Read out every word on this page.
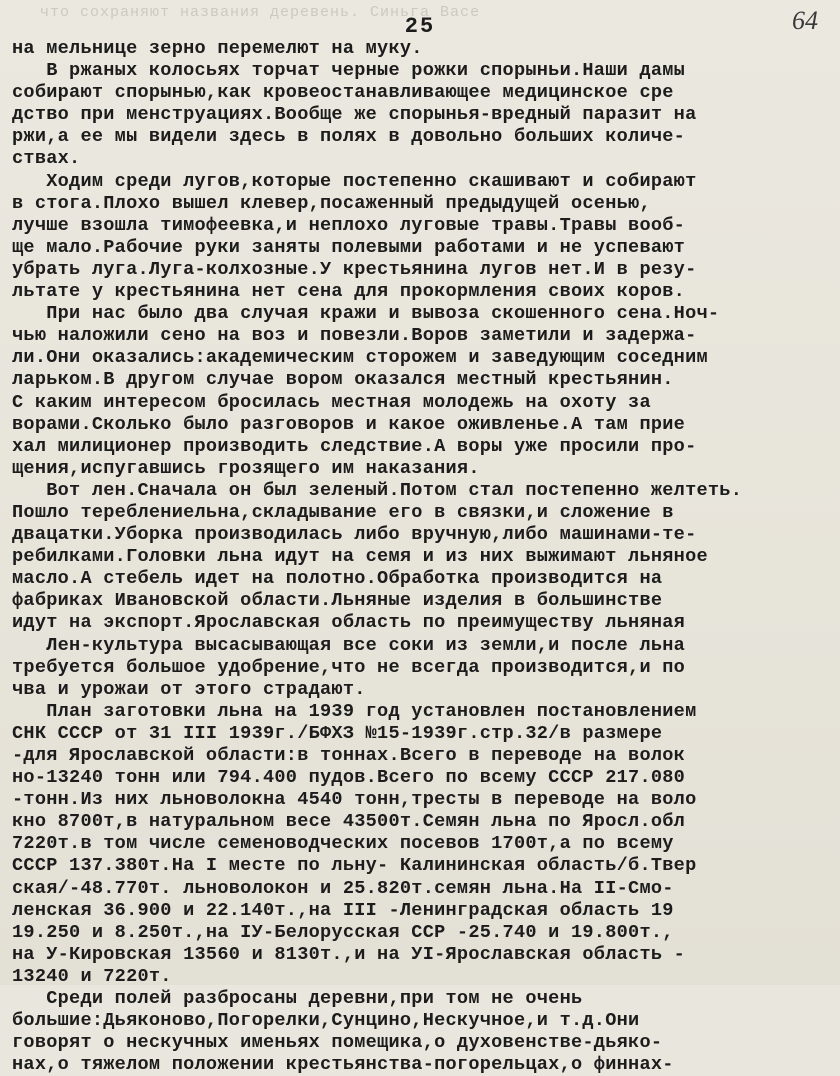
что сохраняют названия деревень. Синьга Васе
25	64
на мельнице зерно перемелют на муку.
В ржаных колосьях торчат черные рожки спорыньи.Наши дамы
собирают спорынью,как кровеостанавливающее медицинское сре
дство при менструациях.Вообще же спорынья-вредный паразит на
ржи,а ее мы видели здесь в полях в довольно больших количе-
ствах.
Ходим среди лугов,которые постепенно скашивают и собирают
в стога.Плохо вышел клевер,посаженный предыдущей осенью,
лучше взошла тимофеевка,и неплохо луговые травы.Травы вооб-
ще мало.Рабочие руки заняты полевыми работами и не успевают
убрать луга.Луга-колхозные.У крестьянина лугов нет.И в резу-
льтате у крестьянина нет сена для прокормления своих коров.
При нас было два случая кражи и вывоза скошенного сена.Ноч-
чью наложили сено на воз и повезли.Воров заметили и задержа-
ли.Они оказались:академическим сторожем и заведующим соседним
ларьком.В другом случае вором оказался местный крестьянин.
С каким интересом бросилась местная молодежь на охоту за
ворами.Сколько было разговоров и какое оживленье.А там прие
хал милиционер производить следствие.А воры уже просили про-
щения,испугавшись грозящего им наказания.
Вот лен.Сначала он был зеленый.Потом стал постепенно желтеть.
Пошло тереблениельна,складывание его в связки,и сложение в
двацатки.Уборка производилась либо вручную,либо машинами-те-
ребилками.Головки льна идут на семя и из них выжимают льняное
масло.А стебель идет на полотно.Обработка производится на
фабриках Ивановской области.Льняные изделия в большинстве
идут на экспорт.Ярославская область по преимуществу льняная
Лен-культура высасывающая все соки из земли,и после льна
требуется большое удобрение,что не всегда производится,и по
чва и урожаи от этого страдают.
План заготовки льна на 1939 год установлен постановлением
СНК СССР от 31 III 1939г./БФХЗ №15-1939г.стр.32/в размере
-для Ярославской области:в тоннах.Всего в переводе на волок
но-13240 тонн или 794.400 пудов.Всего по всему СССР 217.080
-тонн.Из них льноволокна 4540 тонн,тресты в переводе на воло
кно 8700т,в натуральном весе 43500т.Семян льна по Яросл.обл
7220т.в том числе семеноводческих посевов 1700т,а по всему
СССР 137.380т.На I месте по льну- Калининская область/б.Твер
ская/-48.770т. льноволокон и 25.820т.семян льна.На II-Смо-
ленская 36.900 и 22.140т.,на III -Ленинградская область 19
19.250 и 8.250т.,на IУ-Белорусская ССР -25.740 и 19.800т.,
на У-Кировская 13560 и 8130т.,и на УI-Ярославская область -
13240 и 7220т.
Среди полей разбросаны деревни,при том не очень
большие:Дьяконово,Погорелки,Сунцино,Нескучное,и т.д.Они
говорят о нескучных именьях помещика,о духовенстве-дьяко-
нах,о тяжелом положении крестьянства-погорельцах,о финнах-
